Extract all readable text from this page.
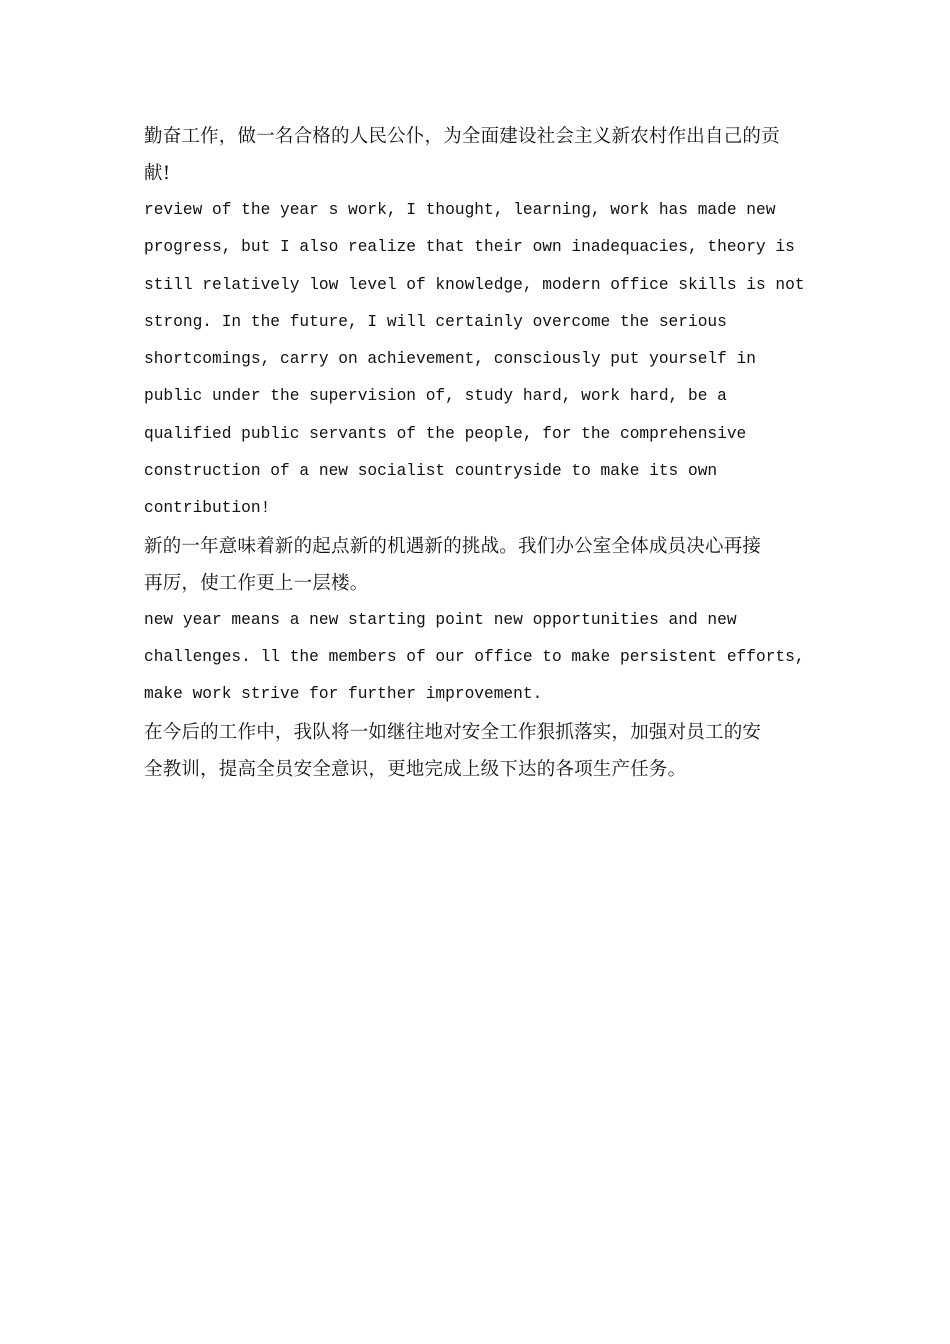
勤奋工作，做一名合格的人民公仆，为全面建设社会主义新农村作出自己的贡
献!

review of the year s work, I thought, learning, work has made new
progress, but I also realize that their own inadequacies, theory is
still relatively low level of knowledge, modern office skills is not
strong. In the future, I will certainly overcome the serious
shortcomings, carry on achievement, consciously put yourself in
public under the supervision of, study hard, work hard, be a
qualified public servants of the people, for the comprehensive
construction of a new socialist countryside to make its own
contribution!

新的一年意味着新的起点新的机遇新的挑战。我们办公室全体成员决心再接
再厉，使工作更上一层楼。

new year means a new starting point new opportunities and new
challenges. ll the members of our office to make persistent efforts,
make work strive for further improvement.

在今后的工作中，我队将一如继往地对安全工作狠抓落实，加强对员工的安
全教训，提高全员安全意识，更地完成上级下达的各项生产任务。
